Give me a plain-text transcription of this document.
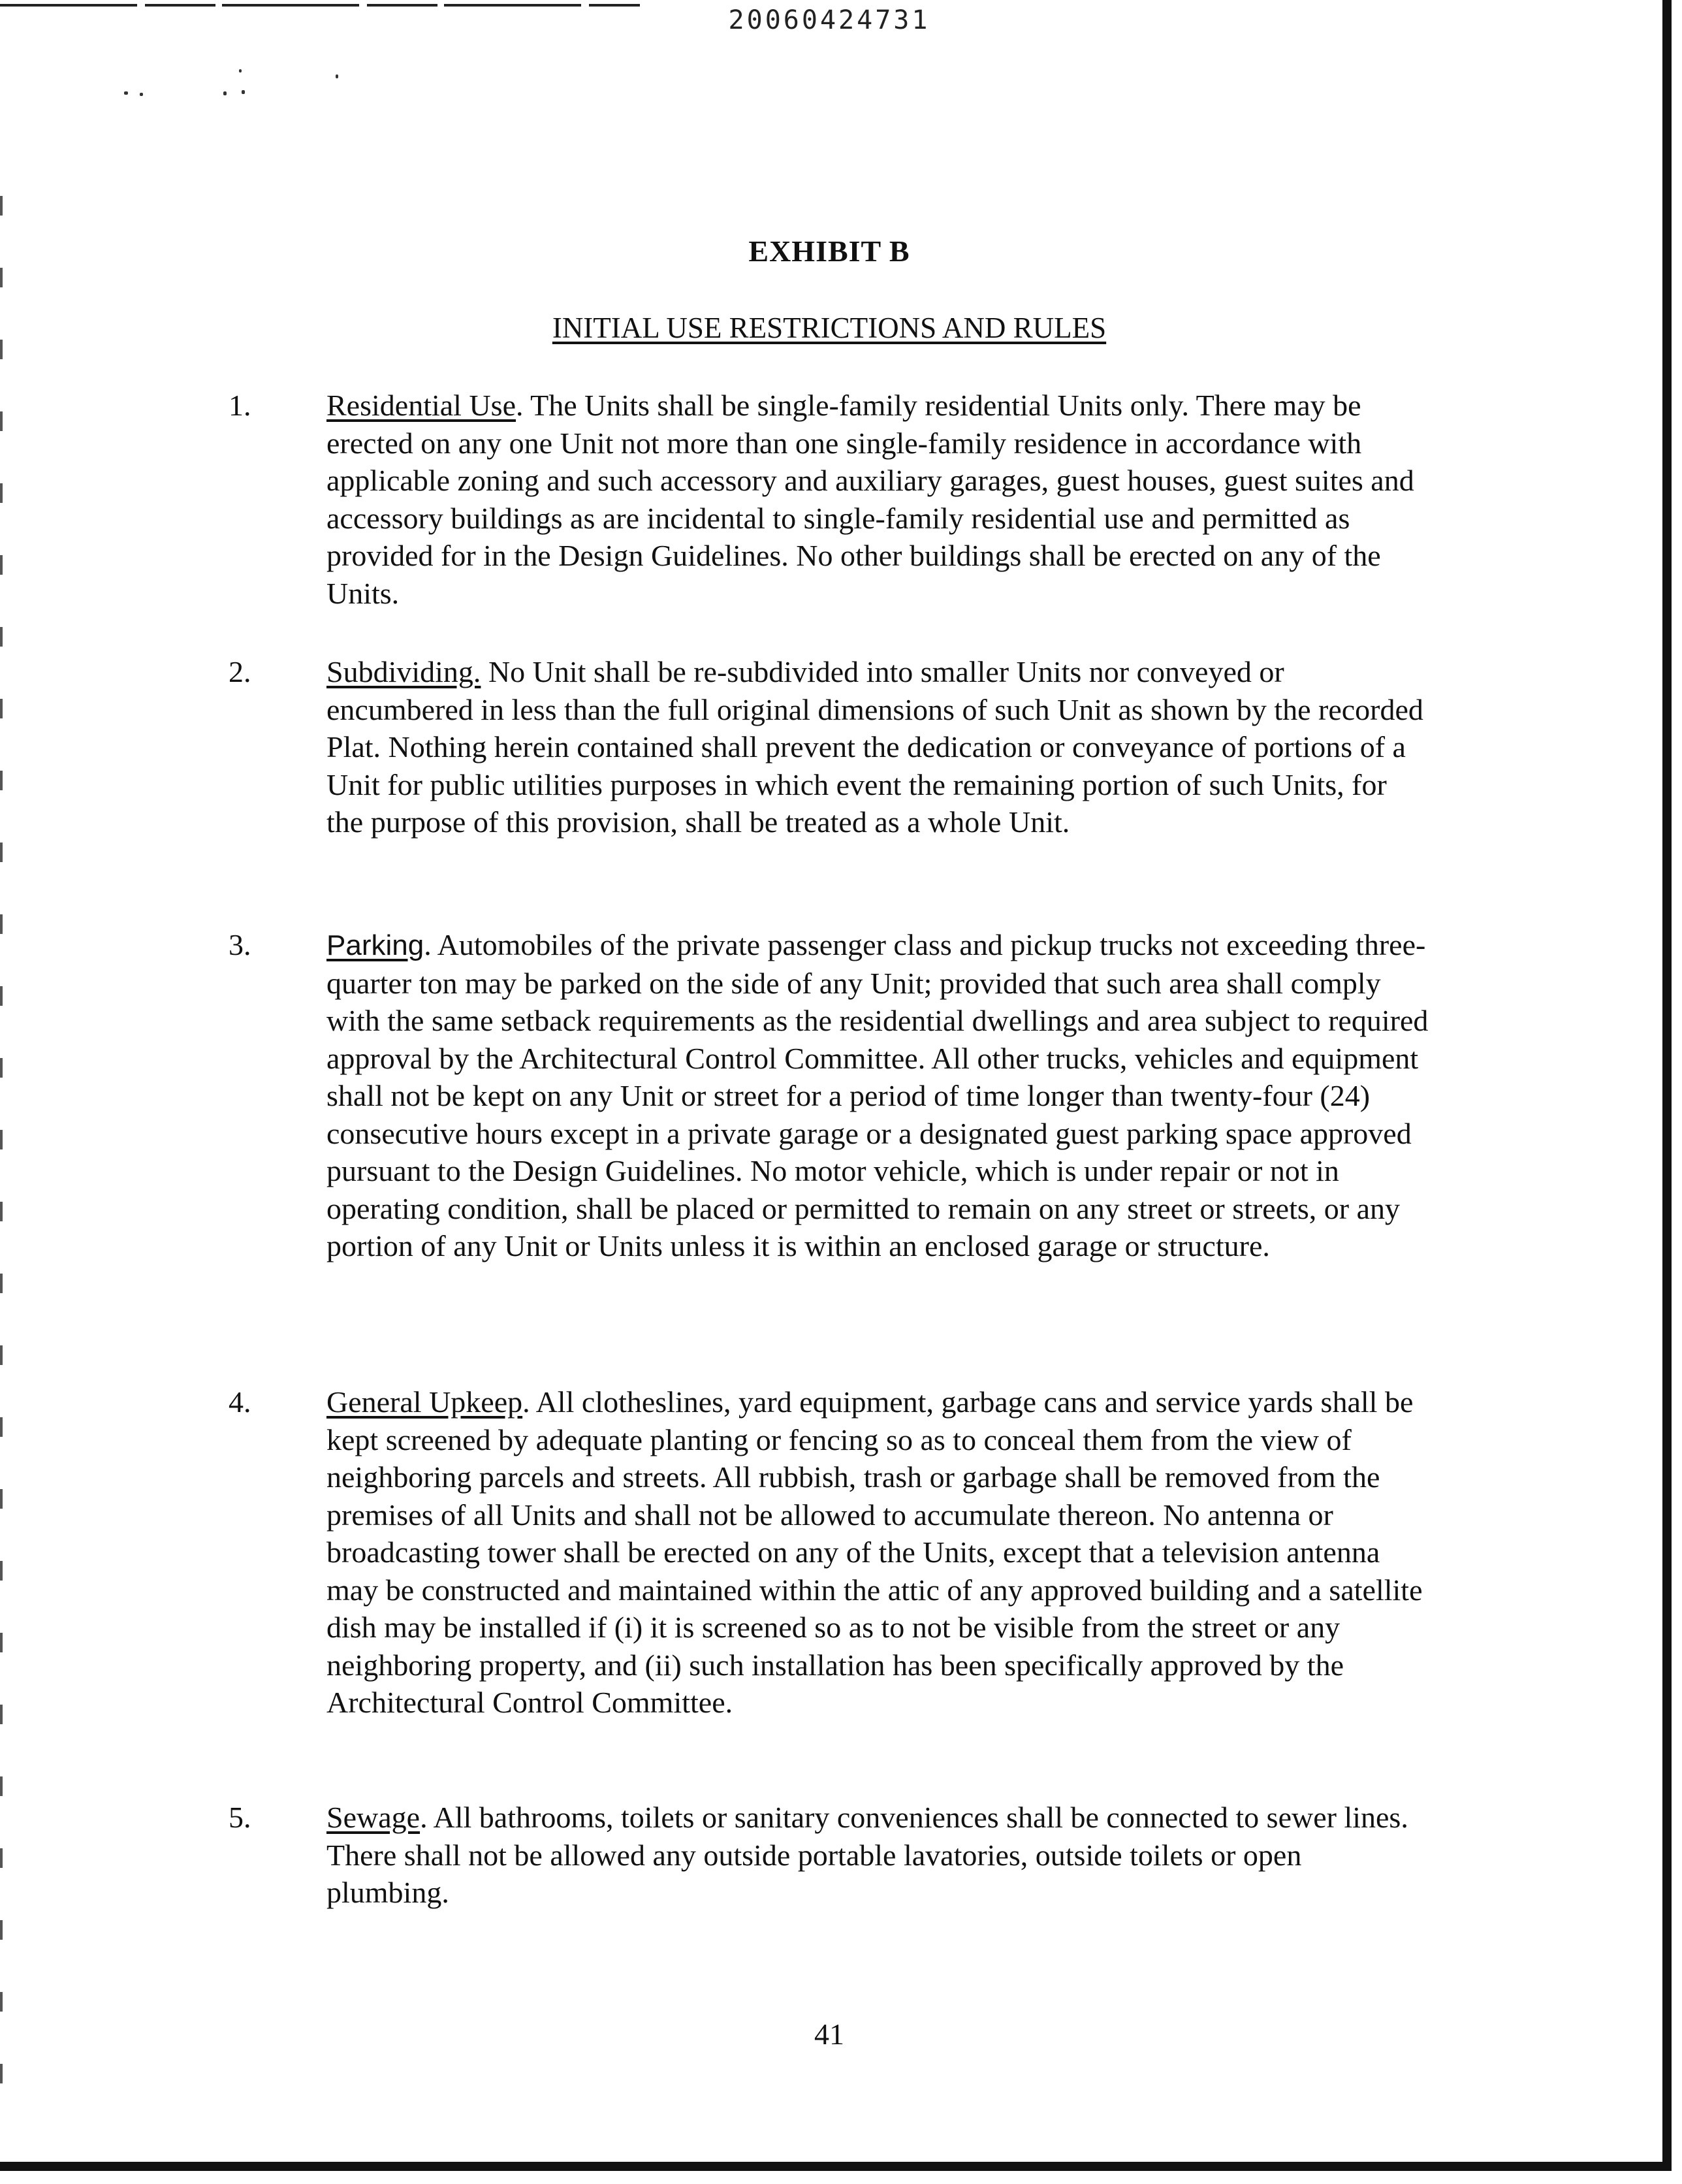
20060424731
EXHIBIT B
INITIAL USE RESTRICTIONS AND RULES
1.	Residential Use. The Units shall be single-family residential Units only. There may be erected on any one Unit not more than one single-family residence in accordance with applicable zoning and such accessory and auxiliary garages, guest houses, guest suites and accessory buildings as are incidental to single-family residential use and permitted as provided for in the Design Guidelines. No other buildings shall be erected on any of the Units.
2.	Subdividing. No Unit shall be re-subdivided into smaller Units nor conveyed or encumbered in less than the full original dimensions of such Unit as shown by the recorded Plat. Nothing herein contained shall prevent the dedication or conveyance of portions of a Unit for public utilities purposes in which event the remaining portion of such Units, for the purpose of this provision, shall be treated as a whole Unit.
3.	Parking. Automobiles of the private passenger class and pickup trucks not exceeding three-quarter ton may be parked on the side of any Unit; provided that such area shall comply with the same setback requirements as the residential dwellings and area subject to required approval by the Architectural Control Committee. All other trucks, vehicles and equipment shall not be kept on any Unit or street for a period of time longer than twenty-four (24) consecutive hours except in a private garage or a designated guest parking space approved pursuant to the Design Guidelines. No motor vehicle, which is under repair or not in operating condition, shall be placed or permitted to remain on any street or streets, or any portion of any Unit or Units unless it is within an enclosed garage or structure.
4.	General Upkeep. All clotheslines, yard equipment, garbage cans and service yards shall be kept screened by adequate planting or fencing so as to conceal them from the view of neighboring parcels and streets. All rubbish, trash or garbage shall be removed from the premises of all Units and shall not be allowed to accumulate thereon. No antenna or broadcasting tower shall be erected on any of the Units, except that a television antenna may be constructed and maintained within the attic of any approved building and a satellite dish may be installed if (i) it is screened so as to not be visible from the street or any neighboring property, and (ii) such installation has been specifically approved by the Architectural Control Committee.
5.	Sewage. All bathrooms, toilets or sanitary conveniences shall be connected to sewer lines. There shall not be allowed any outside portable lavatories, outside toilets or open plumbing.
41
